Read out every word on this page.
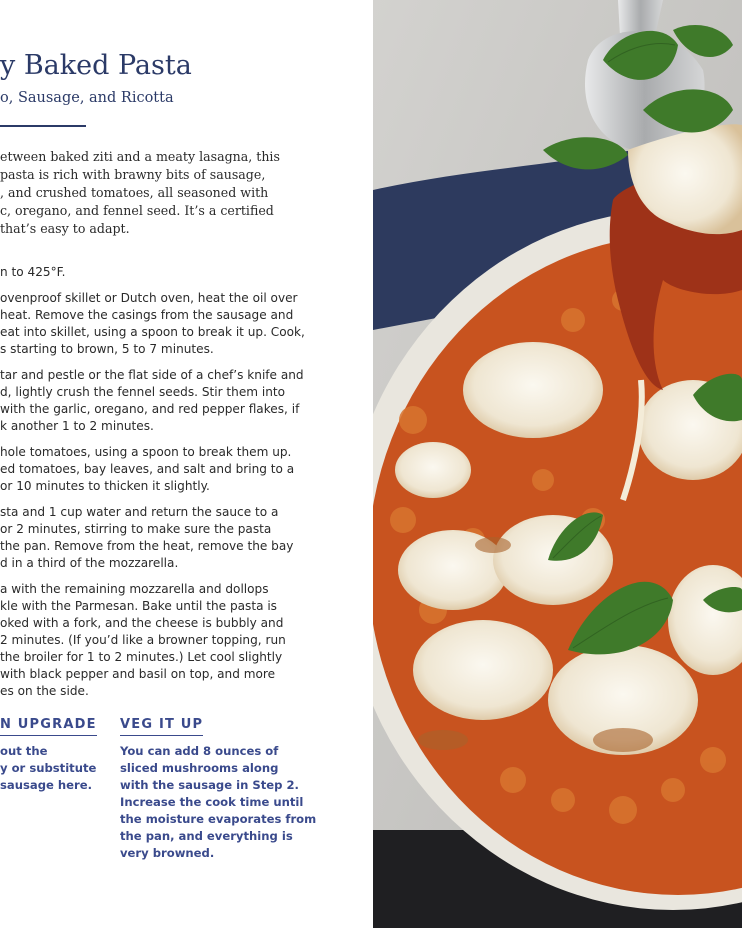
y Baked Pasta
o, Sausage, and Ricotta
etween baked ziti and a meaty lasagna, this
pasta is rich with brawny bits of sausage,
, and crushed tomatoes, all seasoned with
c, oregano, and fennel seed. It’s a certified
that’s easy to adapt.
n to 425°F.
ovenproof skillet or Dutch oven, heat the oil over
heat. Remove the casings from the sausage and
eat into skillet, using a spoon to break it up. Cook,
s starting to brown, 5 to 7 minutes.
tar and pestle or the flat side of a chef’s knife and
d, lightly crush the fennel seeds. Stir them into
with the garlic, oregano, and red pepper flakes, if
k another 1 to 2 minutes.
hole tomatoes, using a spoon to break them up.
ed tomatoes, bay leaves, and salt and bring to a
or 10 minutes to thicken it slightly.
sta and 1 cup water and return the sauce to a
or 2 minutes, stirring to make sure the pasta
the pan. Remove from the heat, remove the bay
d in a third of the mozzarella.
a with the remaining mozzarella and dollops
kle with the Parmesan. Bake until the pasta is
oked with a fork, and the cheese is bubbly and
2 minutes. (If you’d like a browner topping, run
the broiler for 1 to 2 minutes.) Let cool slightly
with black pepper and basil on top, and more
es on the side.
N UPGRADE
out the
y or substitute
sausage here.
VEG IT UP
You can add 8 ounces of
sliced mushrooms along
with the sausage in Step 2.
Increase the cook time until
the moisture evaporates from
the pan, and everything is
very browned.
